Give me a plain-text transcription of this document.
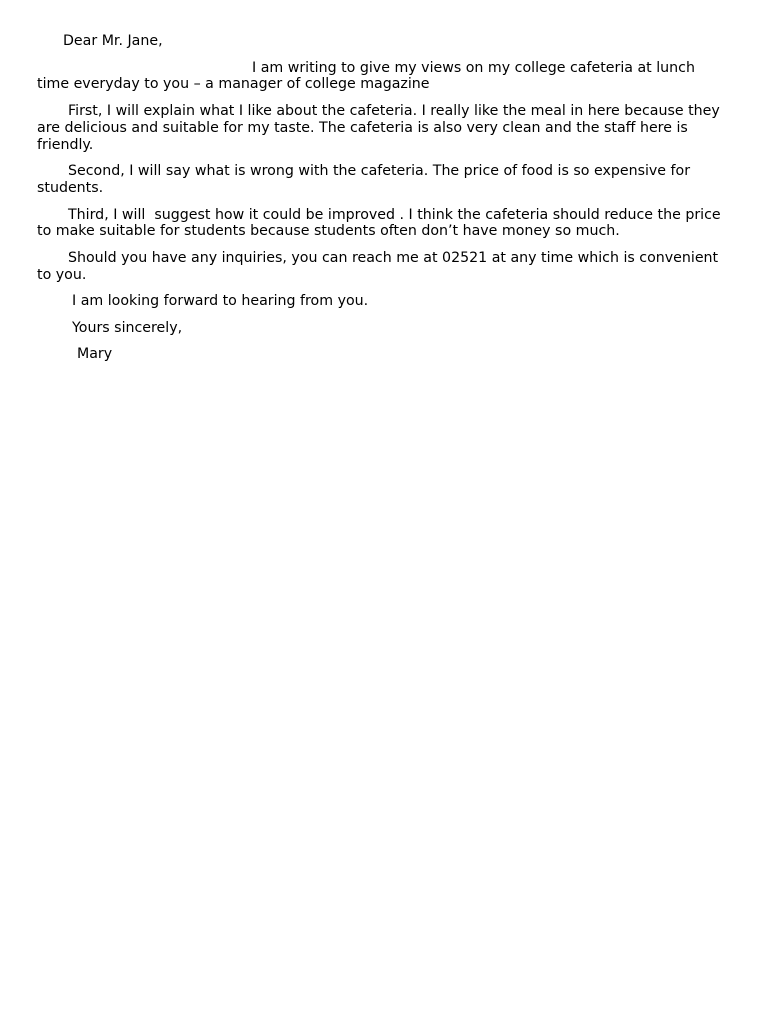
Dear Mr. Jane,

I am writing to give my views on my college cafeteria at lunch

time everyday to you – a manager of college magazine

First, I will explain what I like about the cafeteria. I really like the meal in here because they are delicious and suitable for my taste. The cafeteria is also very clean and the staff here is friendly.

Second, I will say what is wrong with the cafeteria. The price of food is so expensive for students.

Third, I will  suggest how it could be improved . I think the cafeteria should reduce the price to make suitable for students because students often don’t have money so much.

Should you have any inquiries, you can reach me at 02521 at any time which is convenient to you.

I am looking forward to hearing from you.

Yours sincerely,

Mary
